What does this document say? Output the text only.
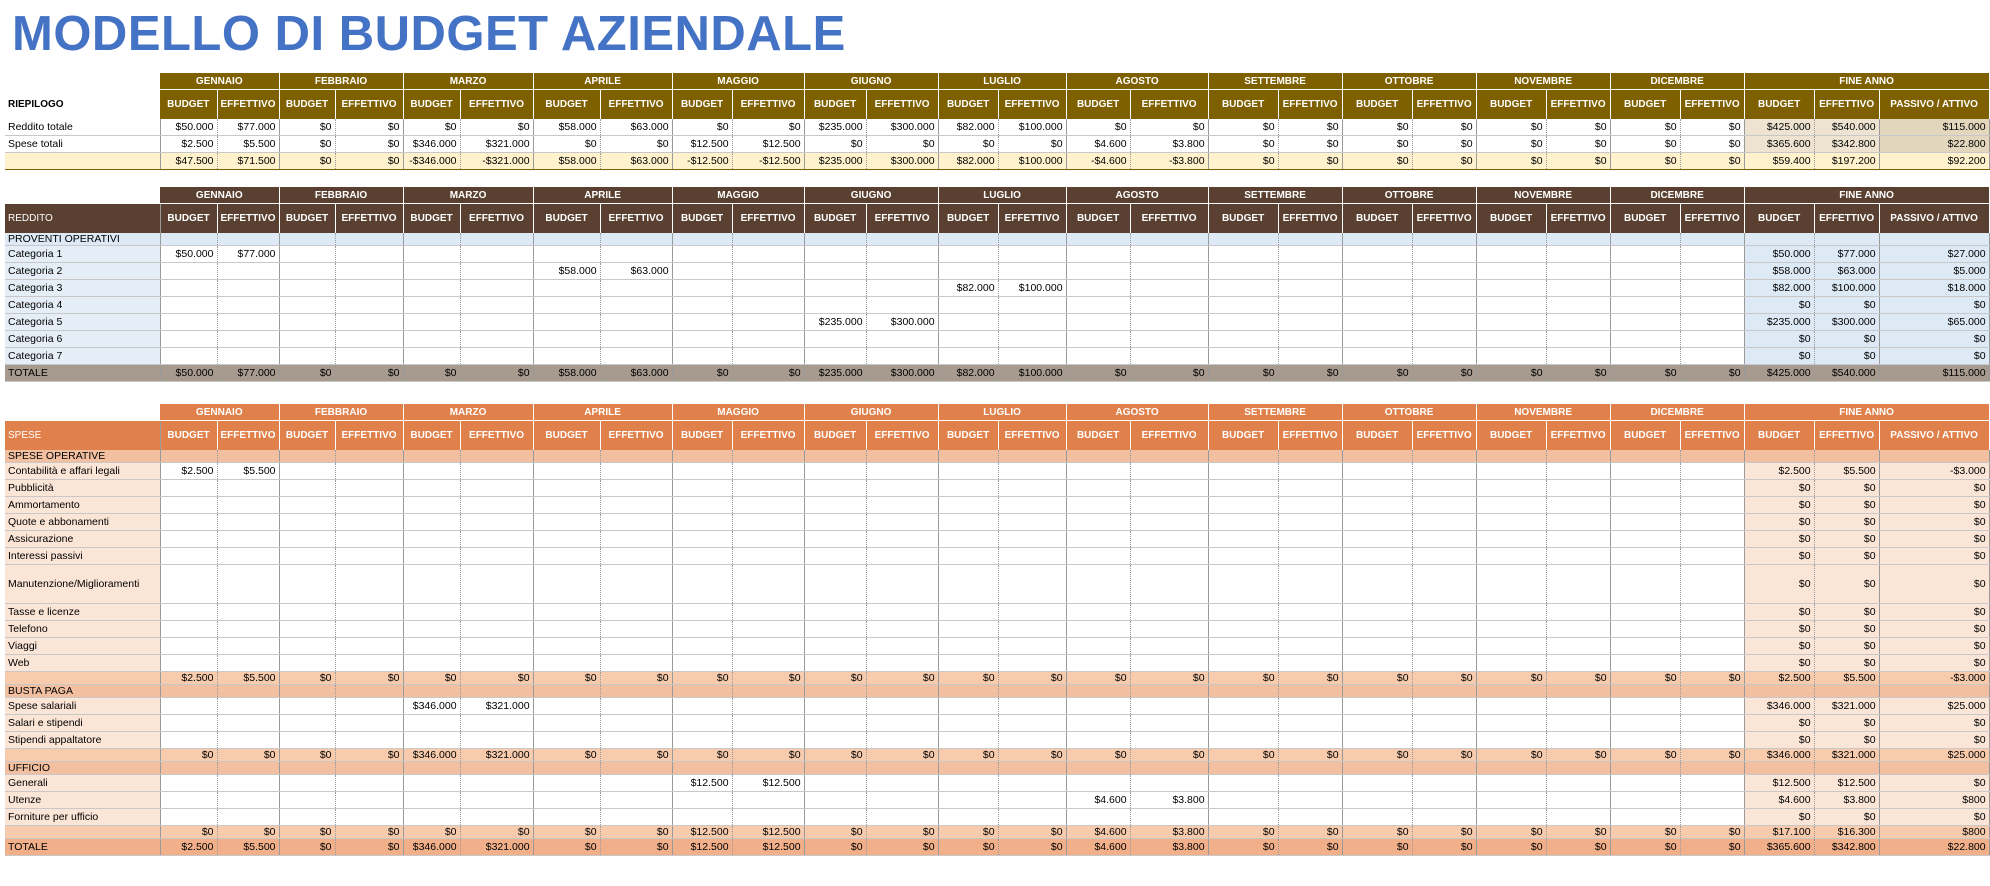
MODELLO DI BUDGET AZIENDALE
	GENNAIO		FEBBRAIO		MARZO		APRILE		MAGGIO		GIUGNO		LUGLIO		AGOSTO		SETTEMBRE		OTTOBRE		NOVEMBRE		DICEMBRE		FINE ANNO		
RIEPILOGO	BUDGET	EFFETTIVO	BUDGET	EFFETTIVO	BUDGET	EFFETTIVO	BUDGET	EFFETTIVO	BUDGET	EFFETTIVO	BUDGET	EFFETTIVO	BUDGET	EFFETTIVO	BUDGET	EFFETTIVO	BUDGET	EFFETTIVO	BUDGET	EFFETTIVO	BUDGET	EFFETTIVO	BUDGET	EFFETTIVO	BUDGET	EFFETTIVO	PASSIVO / ATTIVO
Reddito totale	$50.000	$77.000	$0	$0	$0	$0	$58.000	$63.000	$0	$0	$235.000	$300.000	$82.000	$100.000	$0	$0	$0	$0	$0	$0	$0	$0	$0	$0	$425.000	$540.000	$115.000
Spese totali	$2.500	$5.500	$0	$0	$346.000	$321.000	$0	$0	$12.500	$12.500	$0	$0	$0	$0	$4.600	$3.800	$0	$0	$0	$0	$0	$0	$0	$0	$365.600	$342.800	$22.800
	$47.500	$71.500	$0	$0	-$346.000	-$321.000	$58.000	$63.000	-$12.500	-$12.500	$235.000	$300.000	$82.000	$100.000	-$4.600	-$3.800	$0	$0	$0	$0	$0	$0	$0	$0	$59.400	$197.200	$92.200
	GENNAIO		FEBBRAIO		MARZO		APRILE		MAGGIO		GIUGNO		LUGLIO		AGOSTO		SETTEMBRE		OTTOBRE		NOVEMBRE		DICEMBRE		FINE ANNO		
REDDITO	BUDGET	EFFETTIVO	BUDGET	EFFETTIVO	BUDGET	EFFETTIVO	BUDGET	EFFETTIVO	BUDGET	EFFETTIVO	BUDGET	EFFETTIVO	BUDGET	EFFETTIVO	BUDGET	EFFETTIVO	BUDGET	EFFETTIVO	BUDGET	EFFETTIVO	BUDGET	EFFETTIVO	BUDGET	EFFETTIVO	BUDGET	EFFETTIVO	PASSIVO / ATTIVO
PROVENTI OPERATIVI																											
Categoria 1	$50.000	$77.000																							$50.000	$77.000	$27.000
Categoria 2							$58.000	$63.000																	$58.000	$63.000	$5.000
Categoria 3													$82.000	$100.000											$82.000	$100.000	$18.000
Categoria 4																									$0	$0	$0
Categoria 5											$235.000	$300.000													$235.000	$300.000	$65.000
Categoria 6																									$0	$0	$0
Categoria 7																									$0	$0	$0
TOTALE	$50.000	$77.000	$0	$0	$0	$0	$58.000	$63.000	$0	$0	$235.000	$300.000	$82.000	$100.000	$0	$0	$0	$0	$0	$0	$0	$0	$0	$0	$425.000	$540.000	$115.000
	GENNAIO		FEBBRAIO		MARZO		APRILE		MAGGIO		GIUGNO		LUGLIO		AGOSTO		SETTEMBRE		OTTOBRE		NOVEMBRE		DICEMBRE		FINE ANNO		
SPESE	BUDGET	EFFETTIVO	BUDGET	EFFETTIVO	BUDGET	EFFETTIVO	BUDGET	EFFETTIVO	BUDGET	EFFETTIVO	BUDGET	EFFETTIVO	BUDGET	EFFETTIVO	BUDGET	EFFETTIVO	BUDGET	EFFETTIVO	BUDGET	EFFETTIVO	BUDGET	EFFETTIVO	BUDGET	EFFETTIVO	BUDGET	EFFETTIVO	PASSIVO / ATTIVO
SPESE OPERATIVE																											
Contabilità e affari legali	$2.500	$5.500																							$2.500	$5.500	-$3.000
Pubblicità																									$0	$0	$0
Ammortamento																									$0	$0	$0
Quote e abbonamenti																									$0	$0	$0
Assicurazione																									$0	$0	$0
Interessi passivi																									$0	$0	$0
Manutenzione/Miglioramenti																									$0	$0	$0
Tasse e licenze																									$0	$0	$0
Telefono																									$0	$0	$0
Viaggi																									$0	$0	$0
Web																									$0	$0	$0
	$2.500	$5.500	$0	$0	$0	$0	$0	$0	$0	$0	$0	$0	$0	$0	$0	$0	$0	$0	$0	$0	$0	$0	$0	$0	$2.500	$5.500	-$3.000
BUSTA PAGA																											
Spese salariali					$346.000	$321.000																			$346.000	$321.000	$25.000
Salari e stipendi																									$0	$0	$0
Stipendi appaltatore																									$0	$0	$0
	$0	$0	$0	$0	$346.000	$321.000	$0	$0	$0	$0	$0	$0	$0	$0	$0	$0	$0	$0	$0	$0	$0	$0	$0	$0	$346.000	$321.000	$25.000
UFFICIO																											
Generali									$12.500	$12.500															$12.500	$12.500	$0
Utenze															$4.600	$3.800									$4.600	$3.800	$800
Forniture per ufficio																									$0	$0	$0
	$0	$0	$0	$0	$0	$0	$0	$0	$12.500	$12.500	$0	$0	$0	$0	$4.600	$3.800	$0	$0	$0	$0	$0	$0	$0	$0	$17.100	$16.300	$800
TOTALE	$2.500	$5.500	$0	$0	$346.000	$321.000	$0	$0	$12.500	$12.500	$0	$0	$0	$0	$4.600	$3.800	$0	$0	$0	$0	$0	$0	$0	$0	$365.600	$342.800	$22.800
